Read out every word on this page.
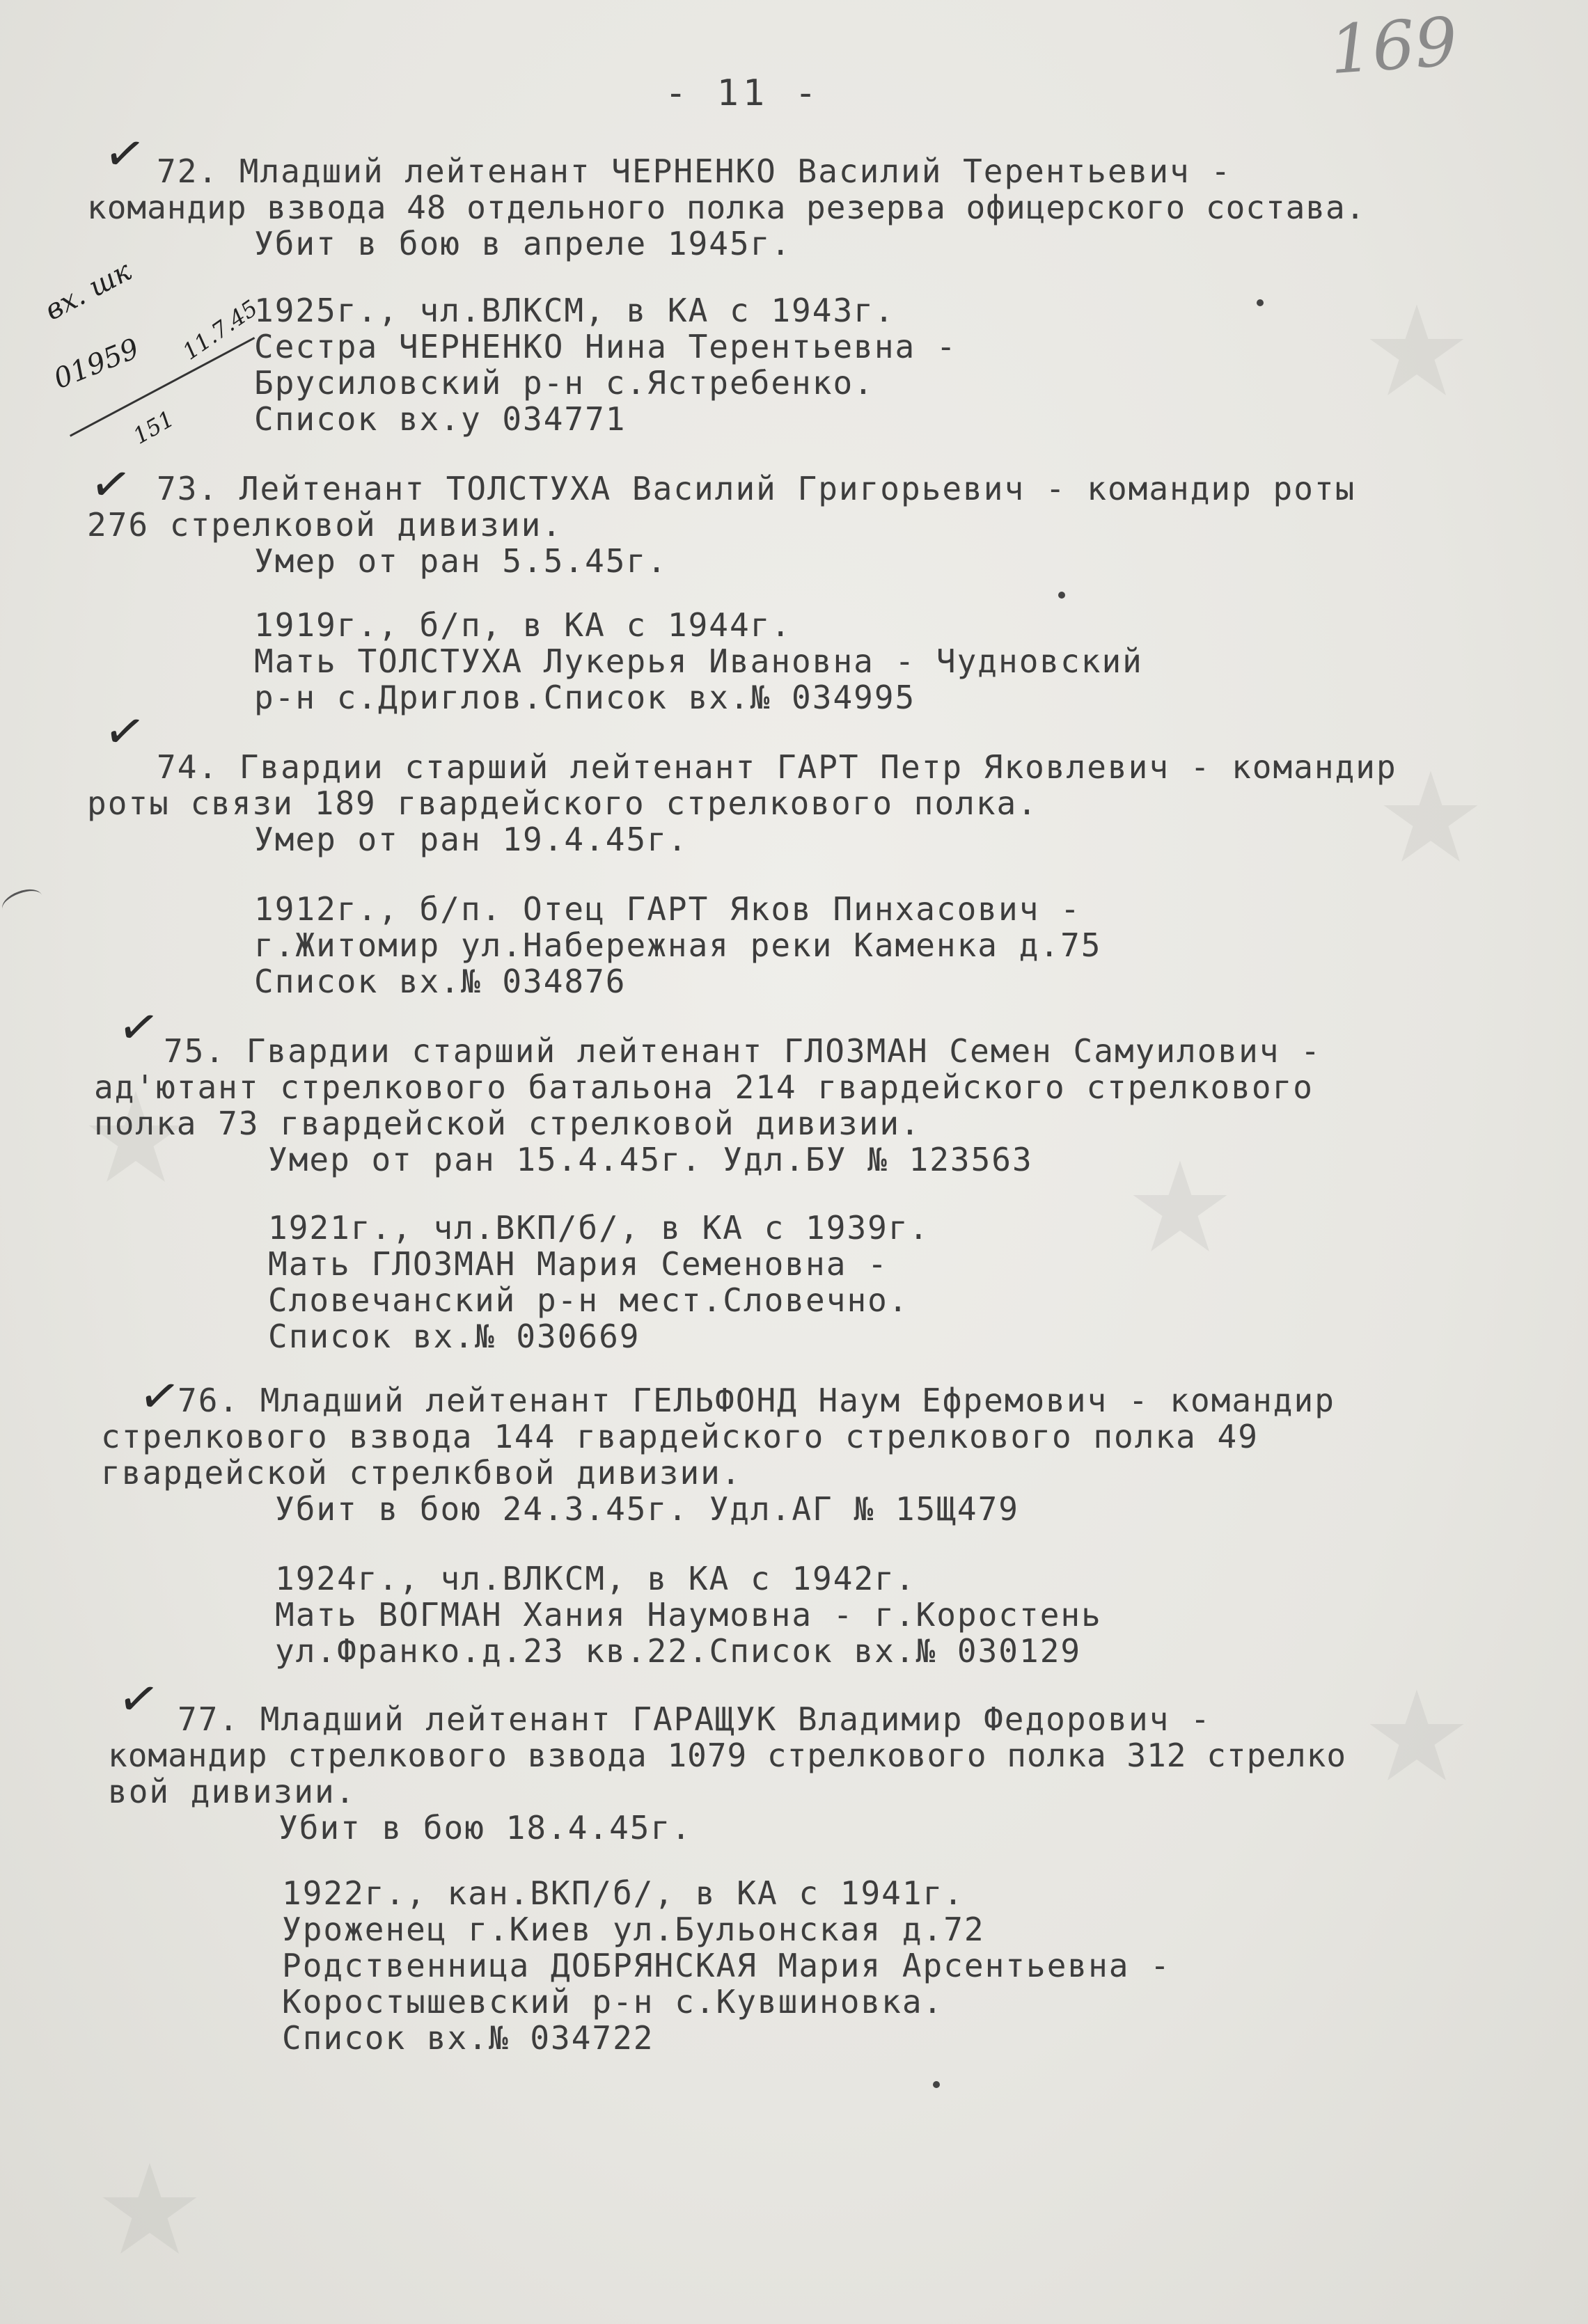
169
- 11 -
вх. шк
01959 11.7.45
151
✓
✓
✓
✓
✓
✓
72. Младший лейтенант ЧЕРНЕНКО Василий Терентьевич -
командир взвода 48 отдельного полка резерва офицерского состава.
Убит в бою в апреле 1945г.
1925г., чл.ВЛКСМ, в КА с 1943г.
Сестра ЧЕРНЕНКО Нина Терентьевна -
Брусиловский р-н с.Ястребенко.
Список вх.у 034771
73. Лейтенант ТОЛСТУХА Василий Григорьевич - командир роты
276 стрелковой дивизии.
Умер от ран 5.5.45г.
1919г., б/п, в КА с 1944г.
Мать ТОЛСТУХА Лукерья Ивановна - Чудновский
р-н с.Дриглов.Список вх.№ 034995
74. Гвардии старший лейтенант ГАРТ Петр Яковлевич - командир
роты связи 189 гвардейского стрелкового полка.
Умер от ран 19.4.45г.
1912г., б/п. Отец ГАРТ Яков Пинхасович -
г.Житомир ул.Набережная реки Каменка д.75
Список вх.№ 034876
75. Гвардии старший лейтенант ГЛОЗМАН Семен Самуилович -
ад'ютант стрелкового батальона 214 гвардейского стрелкового
полка 73 гвардейской стрелковой дивизии.
Умер от ран 15.4.45г. Удл.БУ № 123563
1921г., чл.ВКП/б/, в КА с 1939г.
Мать ГЛОЗМАН Мария Семеновна -
Словечанский р-н мест.Словечно.
Список вх.№ 030669
76. Младший лейтенант ГЕЛЬФОНД Наум Ефремович - командир
стрелкового взвода 144 гвардейского стрелкового полка 49
гвардейской стрелкбвой дивизии.
Убит в бою 24.3.45г. Удл.АГ № 15Щ479
1924г., чл.ВЛКСМ, в КА с 1942г.
Мать ВОГМАН Хания Наумовна - г.Коростень
ул.Франко.д.23 кв.22.Список вх.№ 030129
77. Младший лейтенант ГАРАЩУК Владимир Федорович -
командир стрелкового взвода 1079 стрелкового полка 312 стрелко
вой дивизии.
Убит в бою 18.4.45г.
1922г., кан.ВКП/б/, в КА с 1941г.
Уроженец г.Киев ул.Бульонская д.72
Родственница ДОБРЯНСКАЯ Мария Арсентьевна -
Коростышевский р-н с.Кувшиновка.
Список вх.№ 034722
